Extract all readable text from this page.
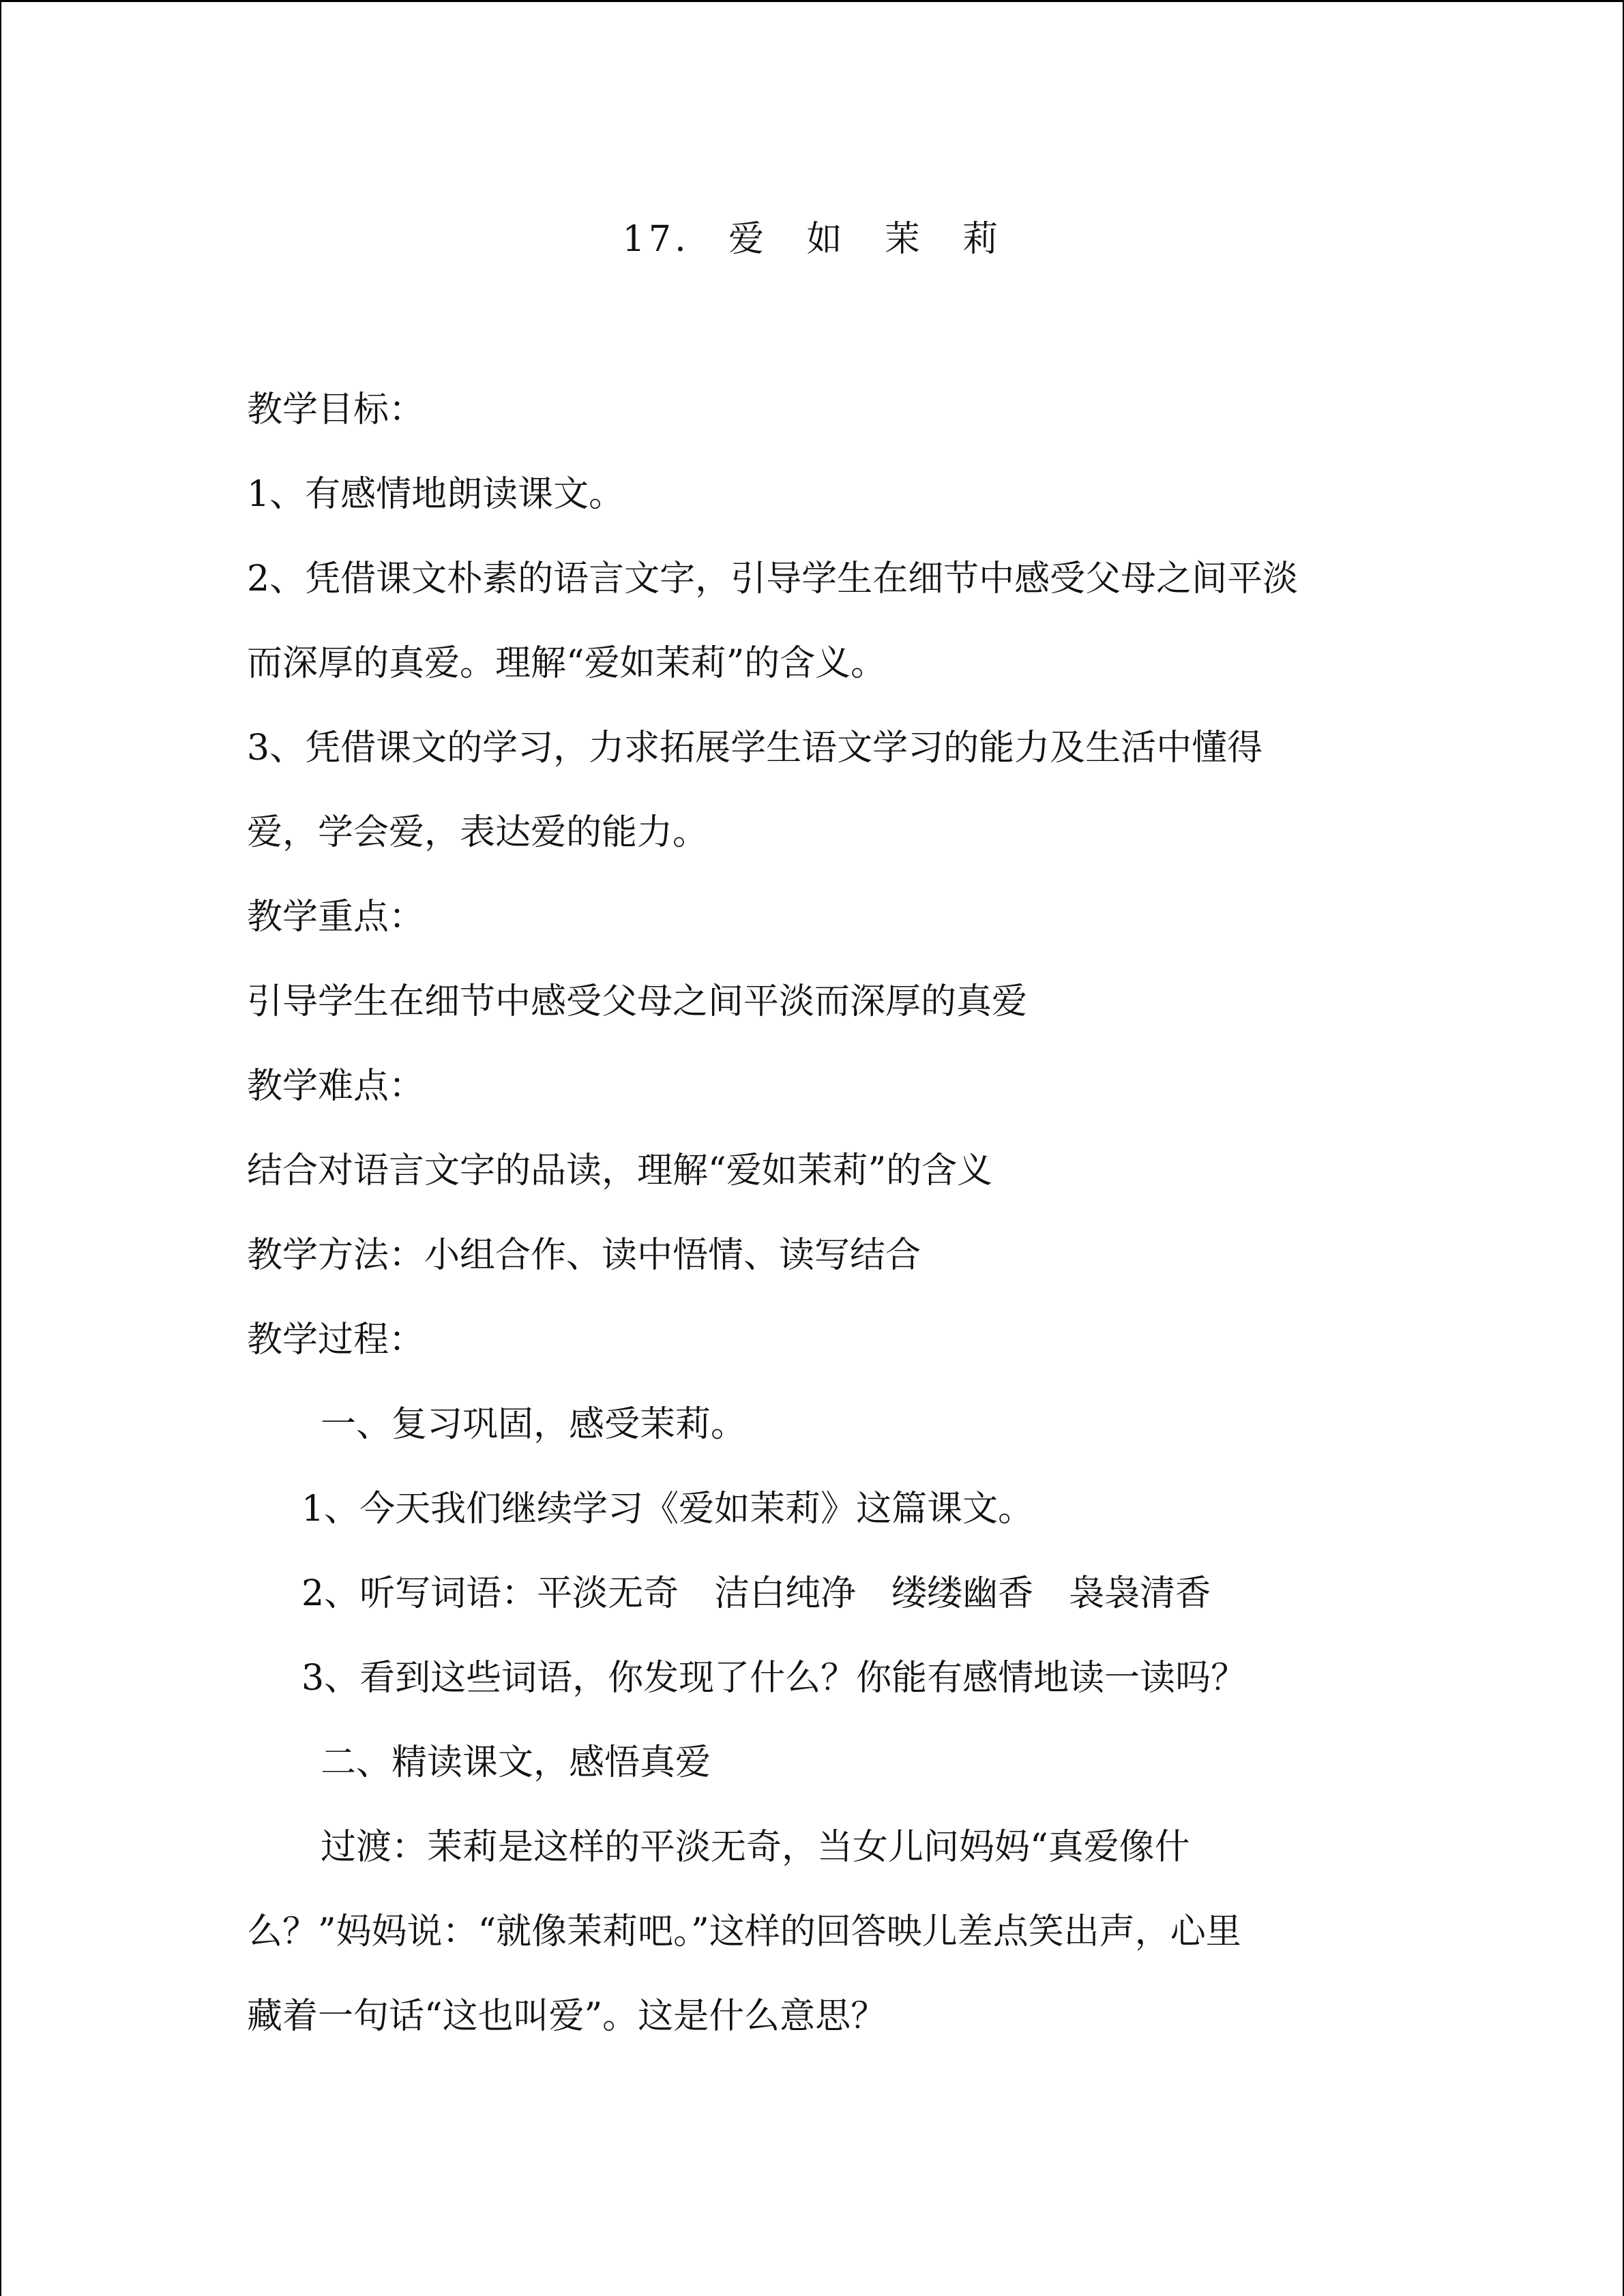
17.　爱　如　茉　莉
教学目标：
1、有感情地朗读课文。
2、凭借课文朴素的语言文字，引导学生在细节中感受父母之间平淡
而深厚的真爱。理解“爱如茉莉”的含义。
3、凭借课文的学习，力求拓展学生语文学习的能力及生活中懂得
爱，学会爱，表达爱的能力。
教学重点：
引导学生在细节中感受父母之间平淡而深厚的真爱
教学难点：
结合对语言文字的品读，理解“爱如茉莉”的含义
教学方法：小组合作、读中悟情、读写结合
教学过程：
一、复习巩固，感受茉莉。
1、今天我们继续学习《爱如茉莉》这篇课文。
2、听写词语：平淡无奇　洁白纯净　缕缕幽香　袅袅清香
3、看到这些词语，你发现了什么？你能有感情地读一读吗？
二、精读课文，感悟真爱
过渡：茉莉是这样的平淡无奇，当女儿问妈妈“真爱像什
么？”妈妈说：“就像茉莉吧。”这样的回答映儿差点笑出声，心里
藏着一句话“这也叫爱”。这是什么意思？
